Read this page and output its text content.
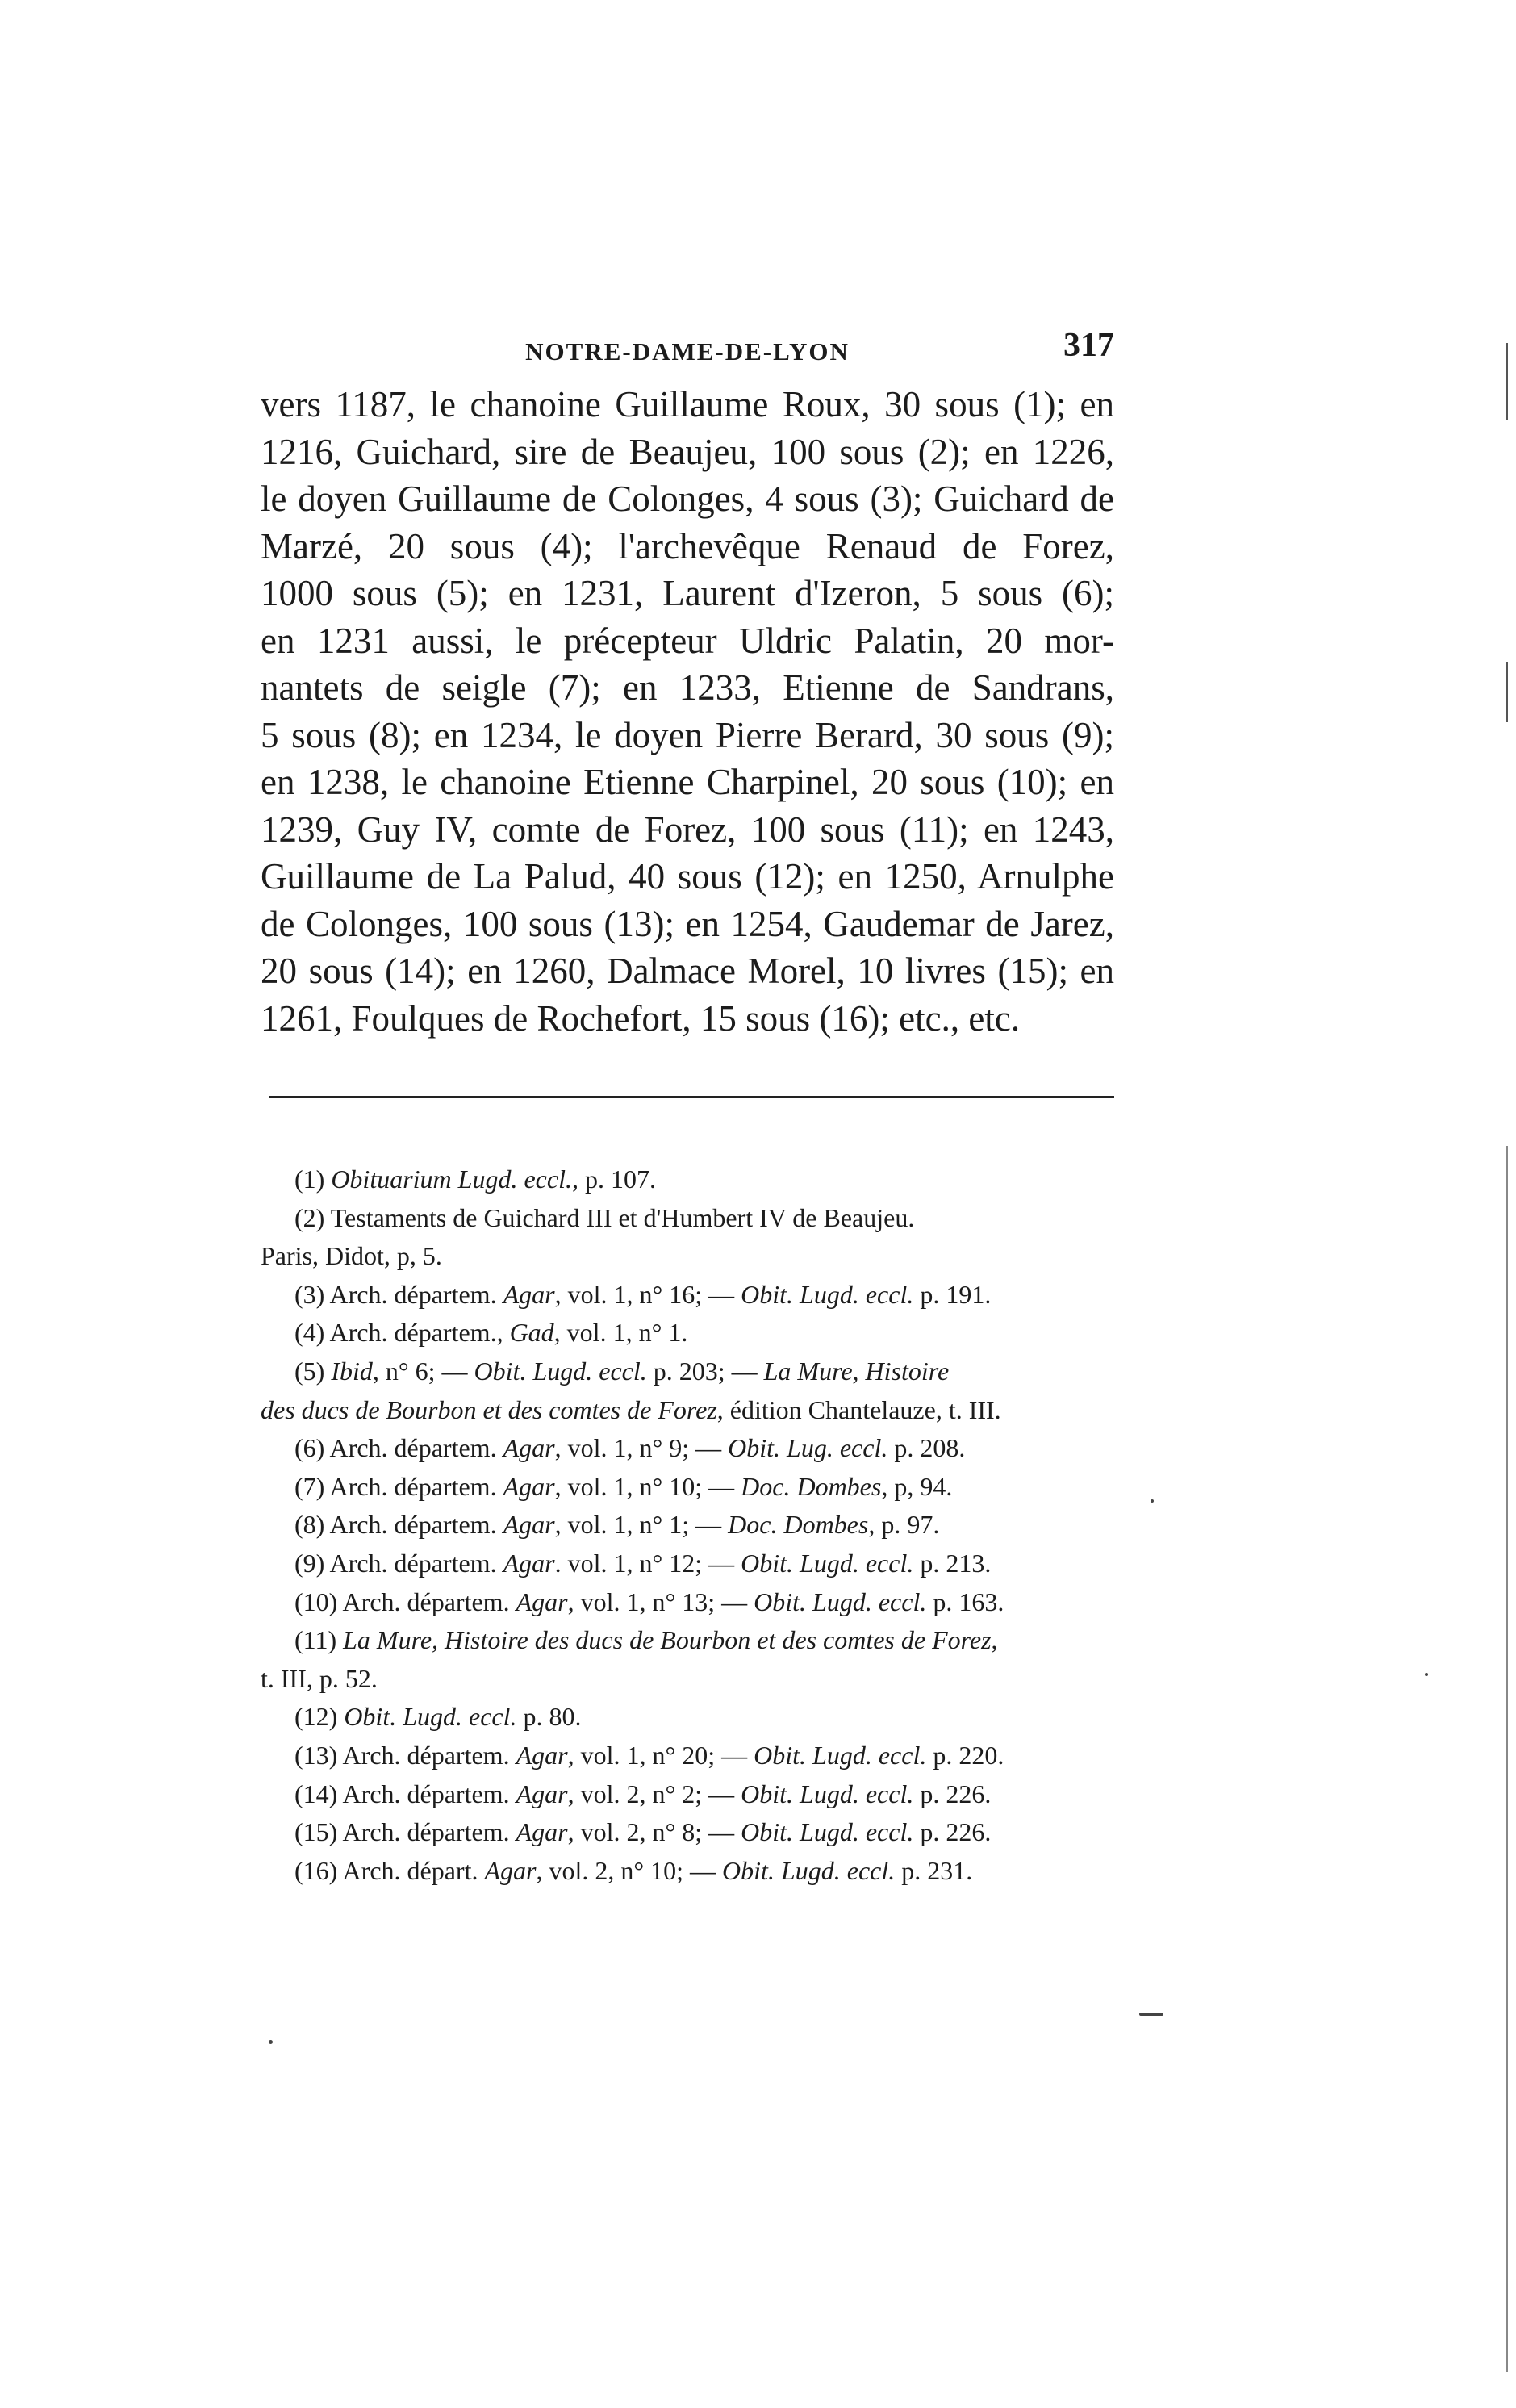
NOTRE-DAME-DE-LYON	317
vers 1187, le chanoine Guillaume Roux, 30 sous (1); en
1216, Guichard, sire de Beaujeu, 100 sous (2); en 1226,
le doyen Guillaume de Colonges, 4 sous (3); Guichard de
Marzé, 20 sous (4); l'archevêque Renaud de Forez,
1000 sous (5); en 1231, Laurent d'Izeron, 5 sous (6);
en 1231 aussi, le précepteur Uldric Palatin, 20 mor-
nantets de seigle (7); en 1233, Etienne de Sandrans,
5 sous (8); en 1234, le doyen Pierre Berard, 30 sous (9);
en 1238, le chanoine Etienne Charpinel, 20 sous (10); en
1239, Guy IV, comte de Forez, 100 sous (11); en 1243,
Guillaume de La Palud, 40 sous (12); en 1250, Arnulphe
de Colonges, 100 sous (13); en 1254, Gaudemar de Jarez,
20 sous (14); en 1260, Dalmace Morel, 10 livres (15); en
1261, Foulques de Rochefort, 15 sous (16); etc., etc.
(1) Obituarium Lugd. eccl., p. 107.
(2) Testaments de Guichard III et d'Humbert IV de Beaujeu.
Paris, Didot, p, 5.
(3) Arch. départem. Agar, vol. 1, n° 16; — Obit. Lugd. eccl. p. 191.
(4) Arch. départem., Gad, vol. 1, n° 1.
(5) Ibid, n° 6; — Obit. Lugd. eccl. p. 203; — La Mure, Histoire
des ducs de Bourbon et des comtes de Forez, édition Chantelauze, t. III.
(6) Arch. départem. Agar, vol. 1, n° 9; — Obit. Lug. eccl. p. 208.
(7) Arch. départem. Agar, vol. 1, n° 10; — Doc. Dombes, p, 94.
(8) Arch. départem. Agar, vol. 1, n° 1; — Doc. Dombes, p. 97.
(9) Arch. départem. Agar. vol. 1, n° 12; — Obit. Lugd. eccl. p. 213.
(10) Arch. départem. Agar, vol. 1, n° 13; — Obit. Lugd. eccl. p. 163.
(11) La Mure, Histoire des ducs de Bourbon et des comtes de Forez,
t. III, p. 52.
(12) Obit. Lugd. eccl. p. 80.
(13) Arch. départem. Agar, vol. 1, n° 20; — Obit. Lugd. eccl. p. 220.
(14) Arch. départem. Agar, vol. 2, n° 2; — Obit. Lugd. eccl. p. 226.
(15) Arch. départem. Agar, vol. 2, n° 8; — Obit. Lugd. eccl. p. 226.
(16) Arch. départ. Agar, vol. 2, n° 10; — Obit. Lugd. eccl. p. 231.
